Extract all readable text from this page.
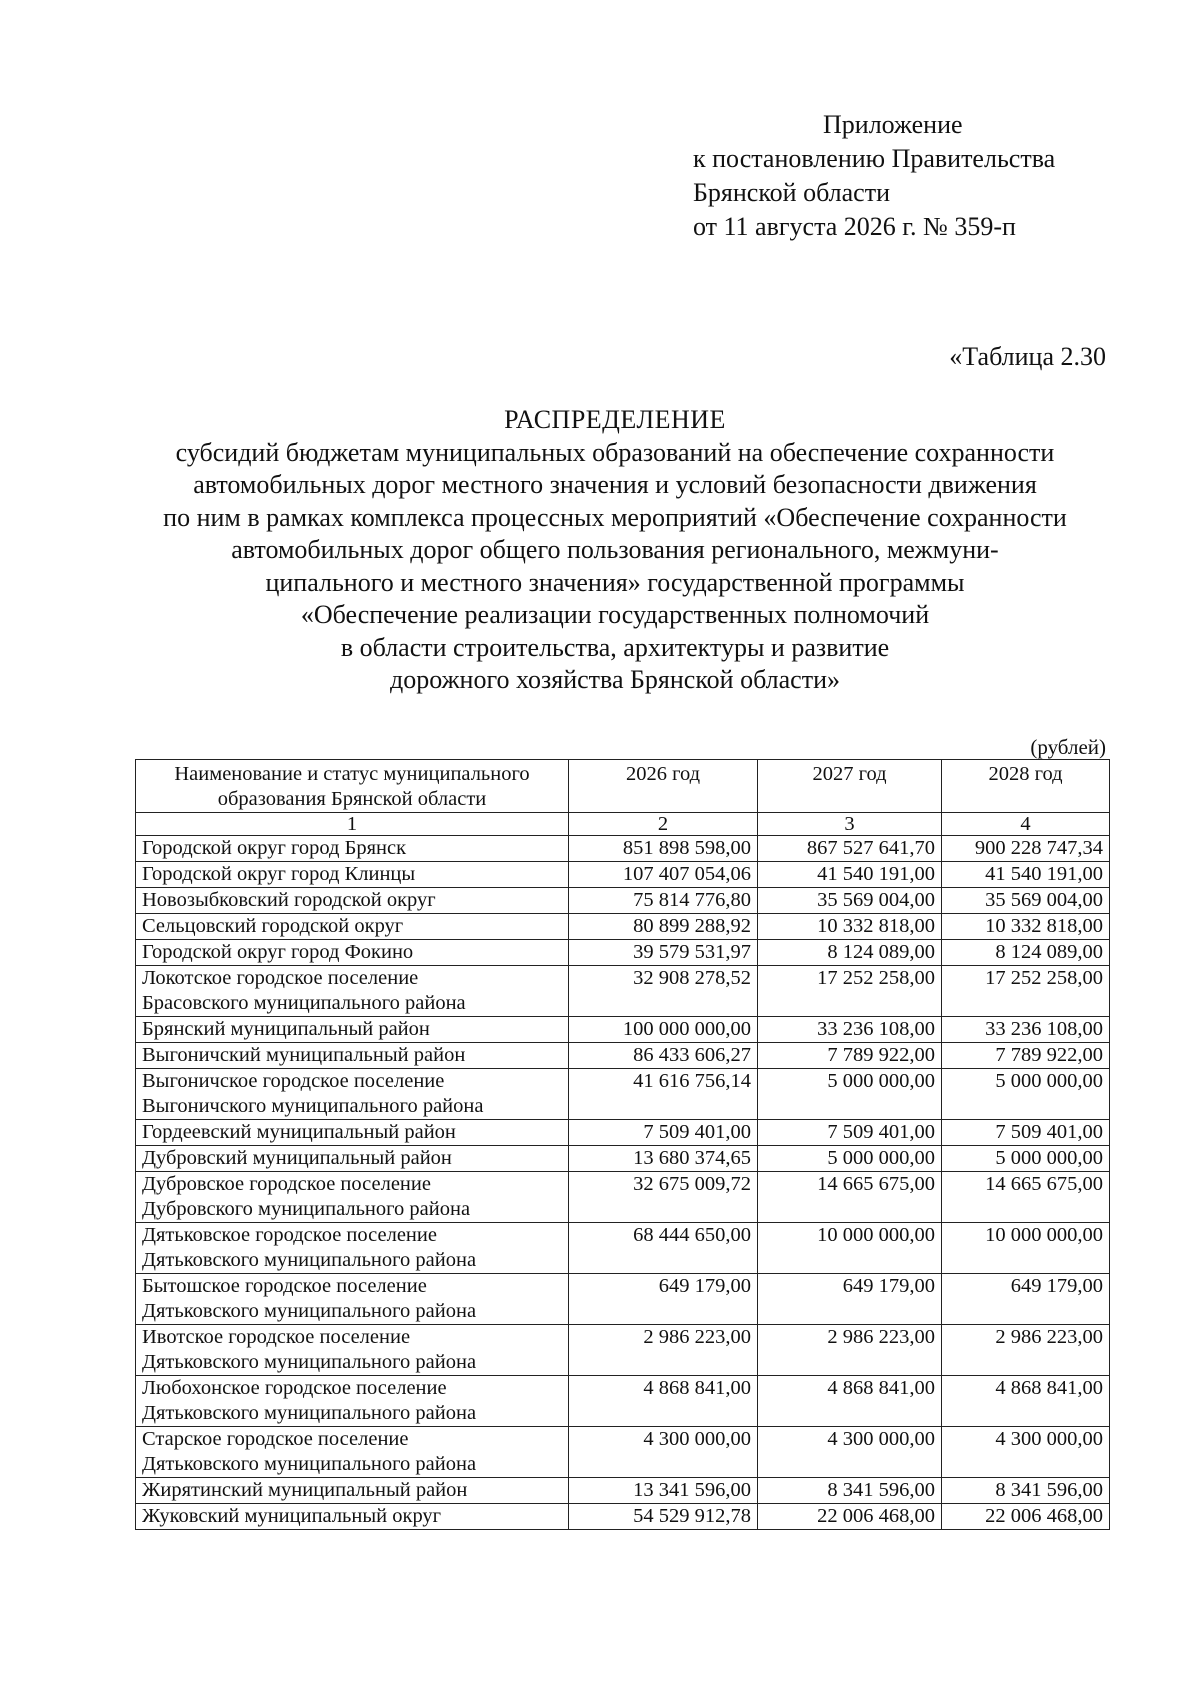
Приложение
к постановлению Правительства
Брянской области
от 11 августа 2026 г. № 359-п
«Таблица 2.30
РАСПРЕДЕЛЕНИЕ
субсидий бюджетам муниципальных образований на обеспечение сохранности
автомобильных дорог местного значения и условий безопасности движения
по ним в рамках комплекса процессных мероприятий «Обеспечение сохранности
автомобильных дорог общего пользования регионального, межмуни-
ципального и местного значения» государственной программы
«Обеспечение реализации государственных полномочий
в области строительства, архитектуры и развитие
дорожного хозяйства Брянской области»
(рублей)
Наименование и статус муниципального
образования Брянской области	2026 год	2027 год	2028 год
1	2	3	4

Городской округ город Брянск	851 898 598,00	867 527 641,70	900 228 747,34

Городской округ город Клинцы	107 407 054,06	41 540 191,00	41 540 191,00

Новозыбковский городской округ	75 814 776,80	35 569 004,00	35 569 004,00

Сельцовский городской округ	80 899 288,92	10 332 818,00	10 332 818,00

Городской округ город Фокино	39 579 531,97	8 124 089,00	8 124 089,00

Локотское городское поселение
Брасовского муниципального района	32 908 278,52	17 252 258,00	17 252 258,00

Брянский муниципальный район	100 000 000,00	33 236 108,00	33 236 108,00

Выгоничский муниципальный район	86 433 606,27	7 789 922,00	7 789 922,00

Выгоничское городское поселение
Выгоничского муниципального района	41 616 756,14	5 000 000,00	5 000 000,00

Гордеевский муниципальный район	7 509 401,00	7 509 401,00	7 509 401,00

Дубровский муниципальный район	13 680 374,65	5 000 000,00	5 000 000,00

Дубровское городское поселение
Дубровского муниципального района	32 675 009,72	14 665 675,00	14 665 675,00

Дятьковское городское поселение
Дятьковского муниципального района	68 444 650,00	10 000 000,00	10 000 000,00

Бытошское городское поселение
Дятьковского муниципального района	649 179,00	649 179,00	649 179,00

Ивотское городское поселение
Дятьковского муниципального района	2 986 223,00	2 986 223,00	2 986 223,00

Любохонское городское поселение
Дятьковского муниципального района	4 868 841,00	4 868 841,00	4 868 841,00

Старское городское поселение
Дятьковского муниципального района	4 300 000,00	4 300 000,00	4 300 000,00

Жирятинский муниципальный район	13 341 596,00	8 341 596,00	8 341 596,00

Жуковский муниципальный округ	54 529 912,78	22 006 468,00	22 006 468,00
